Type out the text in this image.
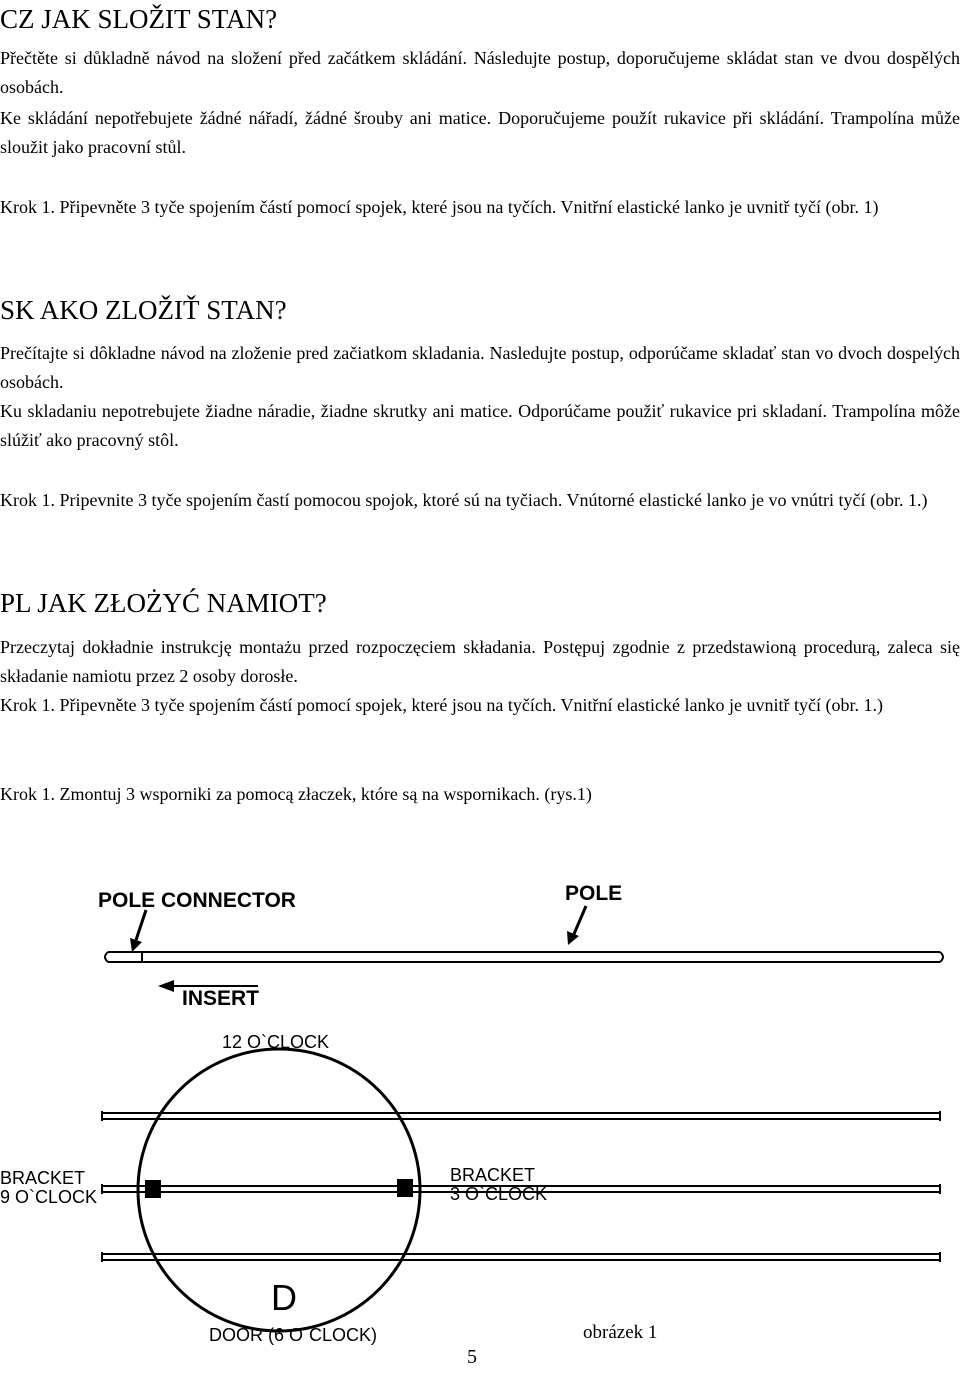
CZ JAK SLOŽIT STAN?

Přečtěte si důkladně návod na složení před začátkem skládání. Následujte postup, doporučujeme skládat stan ve dvou dospělých osobách.

Ke skládání nepotřebujete žádné nářadí, žádné šrouby ani matice. Doporučujeme použít rukavice při skládání. Trampolína může sloužit jako pracovní stůl.

Krok 1. Připevněte 3 tyče spojením částí pomocí spojek, které jsou na tyčích. Vnitřní elastické lanko je uvnitř tyčí (obr. 1)

SK AKO ZLOŽIŤ STAN?

Prečítajte si dôkladne návod na zloženie pred začiatkom skladania. Nasledujte postup, odporúčame skladať stan vo dvoch dospelých osobách.

Ku skladaniu nepotrebujete žiadne náradie, žiadne skrutky ani matice. Odporúčame použiť rukavice pri skladaní. Trampolína môže slúžiť ako pracovný stôl.

Krok 1. Pripevnite 3 tyče spojením častí pomocou spojok, ktoré sú na tyčiach. Vnútorné elastické lanko je vo vnútri tyčí (obr. 1.)

PL JAK ZŁOŻYĆ NAMIOT?

Przeczytaj dokładnie instrukcję montażu przed rozpoczęciem składania. Postępuj zgodnie z przedstawioną procedurą, zaleca się składanie namiotu przez 2 osoby dorosłe.

Krok 1. Připevněte 3 tyče spojením částí pomocí spojek, které jsou na tyčích. Vnitřní elastické lanko je uvnitř tyčí (obr. 1.)

Krok 1. Zmontuj 3 wsporniki za pomocą złaczek, które są na wspornikach. (rys.1)

POLE CONNECTOR	POLE
INSERT
12 O`CLOCK
BRACKET
9 O`CLOCK
BRACKET
3 O`CLOCK
D
DOOR (6 O`CLOCK)	obrázek 1
5
